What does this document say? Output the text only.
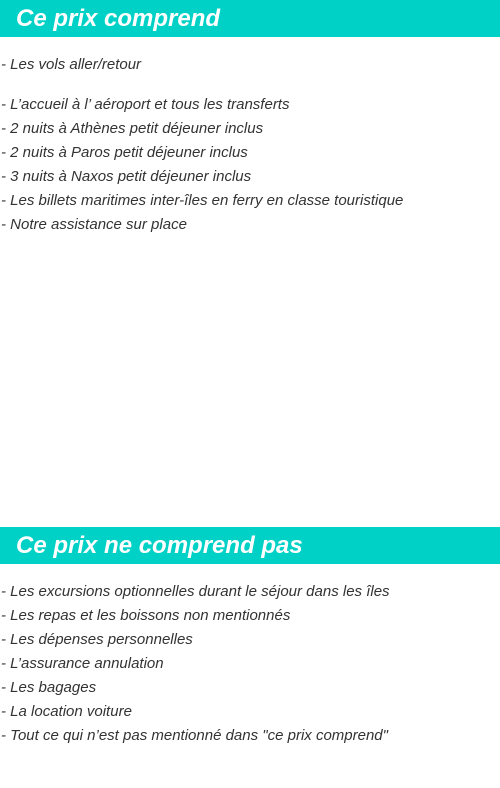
Ce prix comprend
- Les vols aller/retour
- L’accueil à l’ aéroport et tous les transferts
- 2 nuits à Athènes petit déjeuner inclus
- 2 nuits à Paros petit déjeuner inclus
- 3 nuits à Naxos petit déjeuner inclus
- Les billets maritimes inter-îles en ferry en classe touristique
- Notre assistance sur place
Ce prix ne comprend pas
- Les excursions optionnelles durant le séjour dans les îles
- Les repas et les boissons non mentionnés
- Les dépenses personnelles
- L’assurance annulation
- Les bagages
- La location voiture
- Tout ce qui n’est pas mentionné dans "ce prix comprend"
